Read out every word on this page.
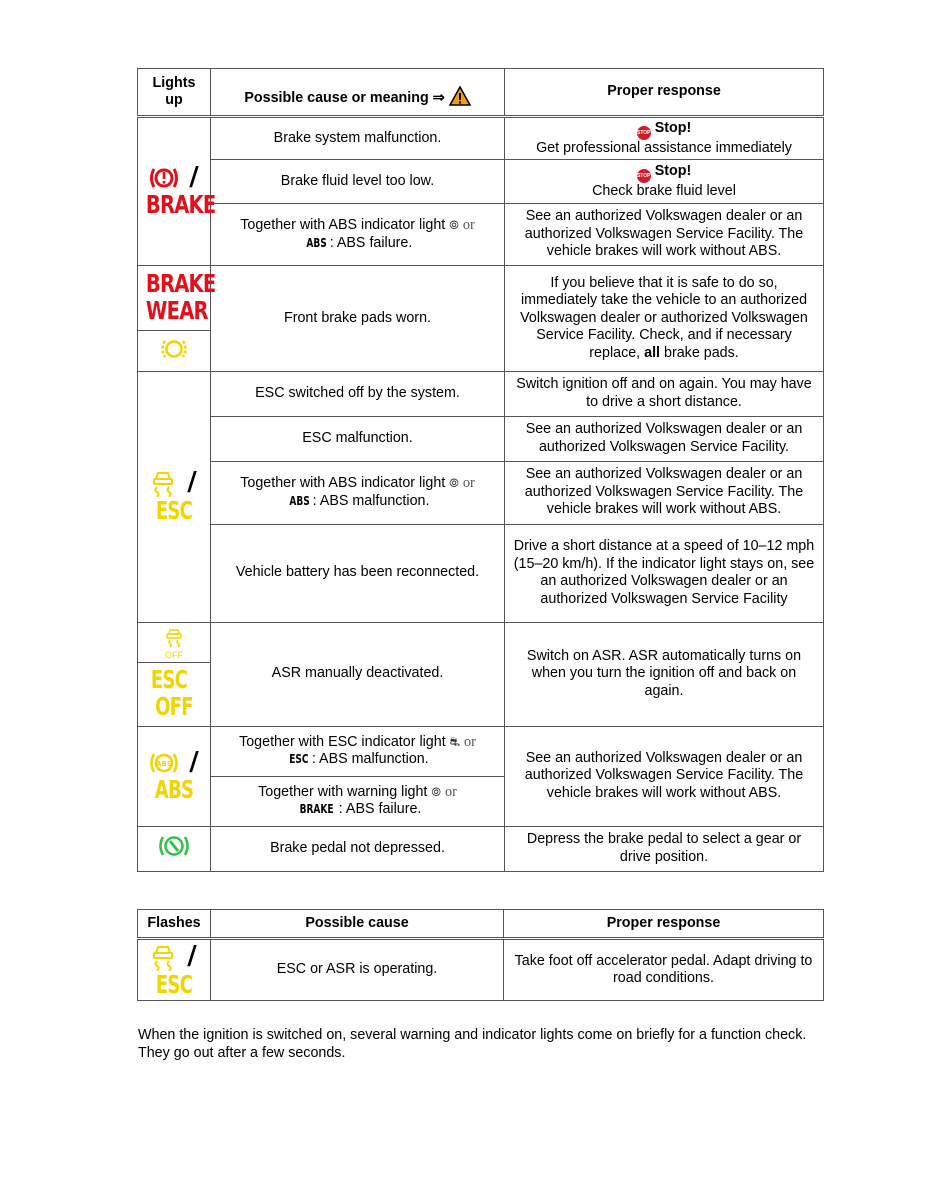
Lights up	Possible cause or meaning ⇒	Proper response

/
BRAKE	Brake system malfunction.	STOP Stop!
Get professional assistance immediately
	Brake fluid level too low.	STOP Stop!
Check brake fluid level
	Together with ABS indicator light ⦾ or
ABS : ABS failure.	See an authorized Volkswagen dealer or an authorized Volkswagen Service Facility. The vehicle brakes will work without ABS.

BRAKE
WEAR	Front brake pads worn.	If you believe that it is safe to do so, immediately take the vehicle to an authorized Volkswagen dealer or authorized Volkswagen Service Facility. Check, and if necessary replace, all brake pads.

/
ESC	ESC switched off by the system.	Switch ignition off and on again. You may have to drive a short distance.
	ESC malfunction.	See an authorized Volkswagen dealer or an authorized Volkswagen Service Facility.
	Together with ABS indicator light ⦾ or
ABS : ABS malfunction.	See an authorized Volkswagen dealer or an authorized Volkswagen Service Facility. The vehicle brakes will work without ABS.
	Vehicle battery has been reconnected.	Drive a short distance at a speed of 10–12 mph (15–20 km/h). If the indicator light stays on, see an authorized Volkswagen dealer or an authorized Volkswagen Service Facility

OFF
ESC
OFF	ASR manually deactivated.	Switch on ASR. ASR automatically turns on when you turn the ignition off and back on again.

ABS /
ABS	Together with ESC indicator light ⛐ or
ESC : ABS malfunction.	See an authorized Volkswagen dealer or an authorized Volkswagen Service Facility. The vehicle brakes will work without ABS.
	Together with warning light ⦾ or
BRAKE : ABS failure.	
	Brake pedal not depressed.	Depress the brake pedal to select a gear or drive position.
Flashes	Possible cause	Proper response

/
ESC	ESC or ASR is operating.	Take foot off accelerator pedal. Adapt driving to road conditions.

When the ignition is switched on, several warning and indicator lights come on briefly for a function check. They go out after a few seconds.
